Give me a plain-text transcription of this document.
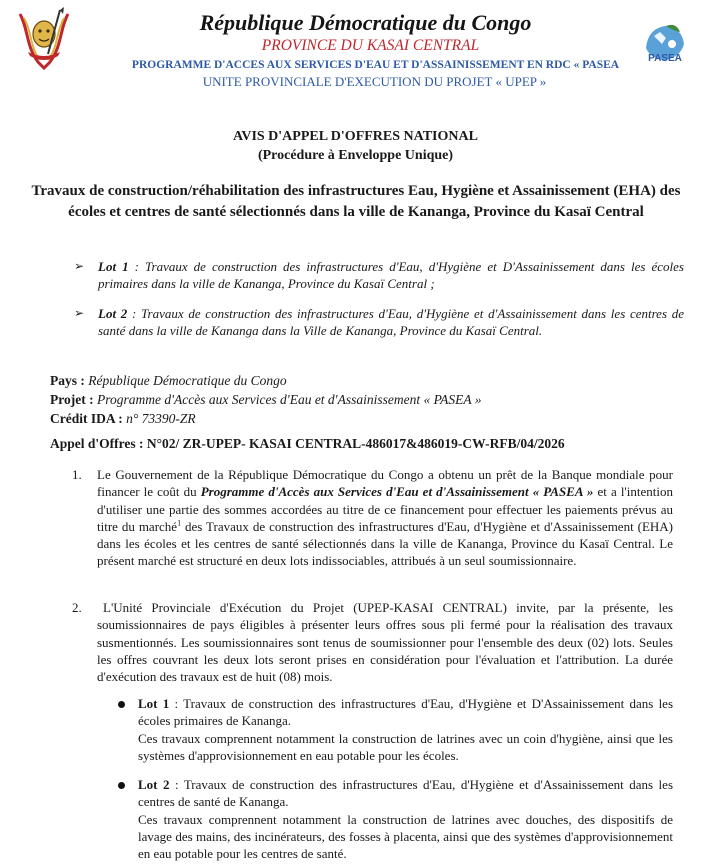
PASEA
République Démocratique du Congo
PROVINCE DU KASAI CENTRAL
PROGRAMME D'ACCES AUX SERVICES D'EAU ET D'ASSAINISSEMENT EN RDC « PASEA
UNITE PROVINCIALE D'EXECUTION DU PROJET « UPEP »
AVIS D'APPEL D'OFFRES NATIONAL
(Procédure à Enveloppe Unique)
Travaux de construction/réhabilitation des infrastructures Eau, Hygiène et Assainissement (EHA) des écoles et centres de santé sélectionnés dans la ville de Kananga, Province du Kasaï Central
➢	Lot 1 : Travaux de construction des infrastructures d'Eau, d'Hygiène et D'Assainissement dans les écoles primaires dans la ville de Kananga, Province du Kasaï Central ;
➢	Lot 2 : Travaux de construction des infrastructures d'Eau, d'Hygiène et d'Assainissement dans les centres de santé dans la ville de Kananga dans la Ville de Kananga, Province du Kasaï Central.
Pays : République Démocratique du Congo
Projet : Programme d'Accès aux Services d'Eau et d'Assainissement « PASEA »
Crédit IDA : n° 73390-ZR
Appel d'Offres : N°02/ ZR-UPEP- KASAI CENTRAL-486017&486019-CW-RFB/04/2026
1. Le Gouvernement de la République Démocratique du Congo a obtenu un prêt de la Banque mondiale pour financer le coût du Programme d'Accès aux Services d'Eau et d'Assainissement « PASEA » et a l'intention d'utiliser une partie des sommes accordées au titre de ce financement pour effectuer les paiements prévus au titre du marché$^1$ des Travaux de construction des infrastructures d'Eau, d'Hygiène et d'Assainissement (EHA) dans les écoles et les centres de santé sélectionnés dans la ville de Kananga, Province du Kasaï Central. Le présent marché est structuré en deux lots indissociables, attribués à un seul soumissionnaire.
2.	L'Unité Provinciale d'Exécution du Projet (UPEP-KASAI CENTRAL) invite, par la présente, les soumissionnaires de pays éligibles à présenter leurs offres sous pli fermé pour la réalisation des travaux susmentionnés. Les soumissionnaires sont tenus de soumissionner pour l'ensemble des deux (02) lots. Seules les offres couvrant les deux lots seront prises en considération pour l'évaluation et l'attribution. La durée d'exécution des travaux est de huit (08) mois.
Lot 1 : Travaux de construction des infrastructures d'Eau, d'Hygiène et D'Assainissement dans les écoles primaires de Kananga.
Ces travaux comprennent notamment la construction de latrines avec un coin d'hygiène, ainsi que les systèmes d'approvisionnement en eau potable pour les écoles.
Lot 2 : Travaux de construction des infrastructures d'Eau, d'Hygiène et d'Assainissement dans les centres de santé de Kananga.
Ces travaux comprennent notamment la construction de latrines avec douches, des dispositifs de lavage des mains, des incinérateurs, des fosses à placenta, ainsi que des systèmes d'approvisionnement en eau potable pour les centres de santé.
